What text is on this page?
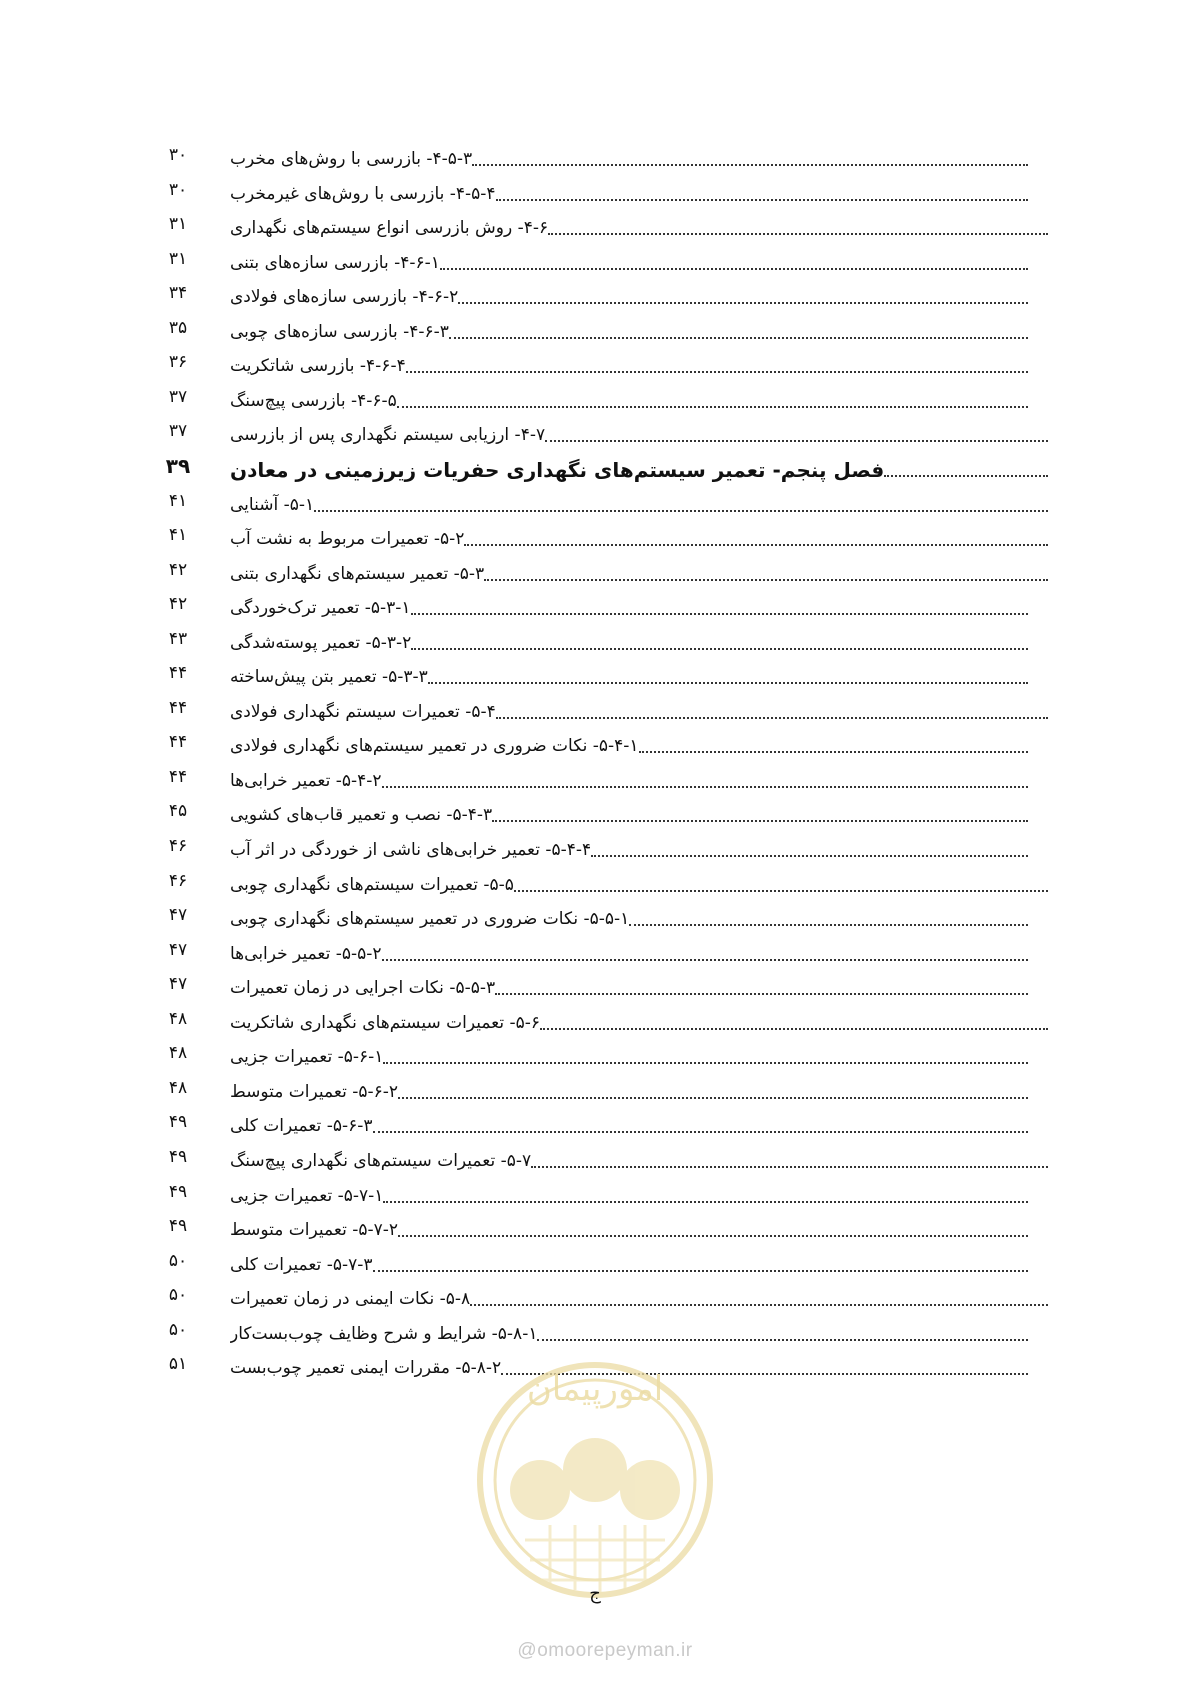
۴-۵-۳- بازرسی با روش‌های مخرب
۳۰
۴-۵-۴- بازرسی با روش‌های غیرمخرب
۳۰
۴-۶- روش بازرسی انواع سیستم‌های نگهداری
۳۱
۴-۶-۱- بازرسی سازه‌های بتنی
۳۱
۴-۶-۲- بازرسی سازه‌های فولادی
۳۴
۴-۶-۳- بازرسی سازه‌های چوبی
۳۵
۴-۶-۴- بازرسی شاتکریت
۳۶
۴-۶-۵- بازرسی پیچ‌سنگ
۳۷
۴-۷- ارزیابی سیستم نگهداری پس از بازرسی
۳۷
فصل پنجم- تعمیر سیستم‌های نگهداری حفریات زیرزمینی در معادن
۳۹
۵-۱- آشنایی
۴۱
۵-۲- تعمیرات مربوط به نشت آب
۴۱
۵-۳- تعمیر سیستم‌های نگهداری بتنی
۴۲
۵-۳-۱- تعمیر ترک‌خوردگی
۴۲
۵-۳-۲- تعمیر پوسته‌شدگی
۴۳
۵-۳-۳- تعمیر بتن پیش‌ساخته
۴۴
۵-۴- تعمیرات سیستم نگهداری فولادی
۴۴
۵-۴-۱- نکات ضروری در تعمیر سیستم‌های نگهداری فولادی
۴۴
۵-۴-۲- تعمیر خرابی‌ها
۴۴
۵-۴-۳- نصب و تعمیر قاب‌های کشویی
۴۵
۵-۴-۴- تعمیر خرابی‌های ناشی از خوردگی در اثر آب
۴۶
۵-۵- تعمیرات سیستم‌های نگهداری چوبی
۴۶
۵-۵-۱- نکات ضروری در تعمیر سیستم‌های نگهداری چوبی
۴۷
۵-۵-۲- تعمیر خرابی‌ها
۴۷
۵-۵-۳- نکات اجرایی در زمان تعمیرات
۴۷
۵-۶- تعمیرات سیستم‌های نگهداری شاتکریت
۴۸
۵-۶-۱- تعمیرات جزیی
۴۸
۵-۶-۲- تعمیرات متوسط
۴۸
۵-۶-۳- تعمیرات کلی
۴۹
۵-۷- تعمیرات سیستم‌های نگهداری پیچ‌سنگ
۴۹
۵-۷-۱- تعمیرات جزیی
۴۹
۵-۷-۲- تعمیرات متوسط
۴۹
۵-۷-۳- تعمیرات کلی
۵۰
۵-۸- نکات ایمنی در زمان تعمیرات
۵۰
۵-۸-۱- شرایط و شرح وظایف چوب‌بست‌کار
۵۰
۵-۸-۲- مقررات ایمنی تعمیر چوب‌بست
۵۱
امورپیمان
ج
@omoorepeyman.ir
